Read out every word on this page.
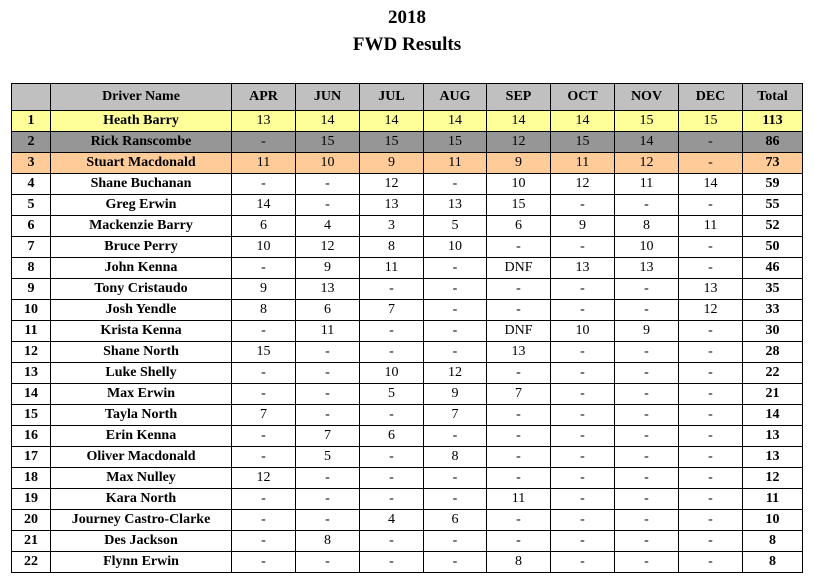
2018
FWD Results
	Driver Name	APR	JUN	JUL	AUG	SEP	OCT	NOV	DEC	Total
1	Heath Barry	13	14	14	14	14	14	15	15	113
2	Rick Ranscombe	-	15	15	15	12	15	14	-	86
3	Stuart Macdonald	11	10	9	11	9	11	12	-	73
4	Shane Buchanan	-	-	12	-	10	12	11	14	59
5	Greg Erwin	14	-	13	13	15	-	-	-	55
6	Mackenzie Barry	6	4	3	5	6	9	8	11	52
7	Bruce Perry	10	12	8	10	-	-	10	-	50
8	John Kenna	-	9	11	-	DNF	13	13	-	46
9	Tony Cristaudo	9	13	-	-	-	-	-	13	35
10	Josh Yendle	8	6	7	-	-	-	-	12	33
11	Krista Kenna	-	11	-	-	DNF	10	9	-	30
12	Shane North	15	-	-	-	13	-	-	-	28
13	Luke Shelly	-	-	10	12	-	-	-	-	22
14	Max Erwin	-	-	5	9	7	-	-	-	21
15	Tayla North	7	-	-	7	-	-	-	-	14
16	Erin Kenna	-	7	6	-	-	-	-	-	13
17	Oliver Macdonald	-	5	-	8	-	-	-	-	13
18	Max Nulley	12	-	-	-	-	-	-	-	12
19	Kara North	-	-	-	-	11	-	-	-	11
20	Journey Castro-Clarke	-	-	4	6	-	-	-	-	10
21	Des Jackson	-	8	-	-	-	-	-	-	8
22	Flynn Erwin	-	-	-	-	8	-	-	-	8
